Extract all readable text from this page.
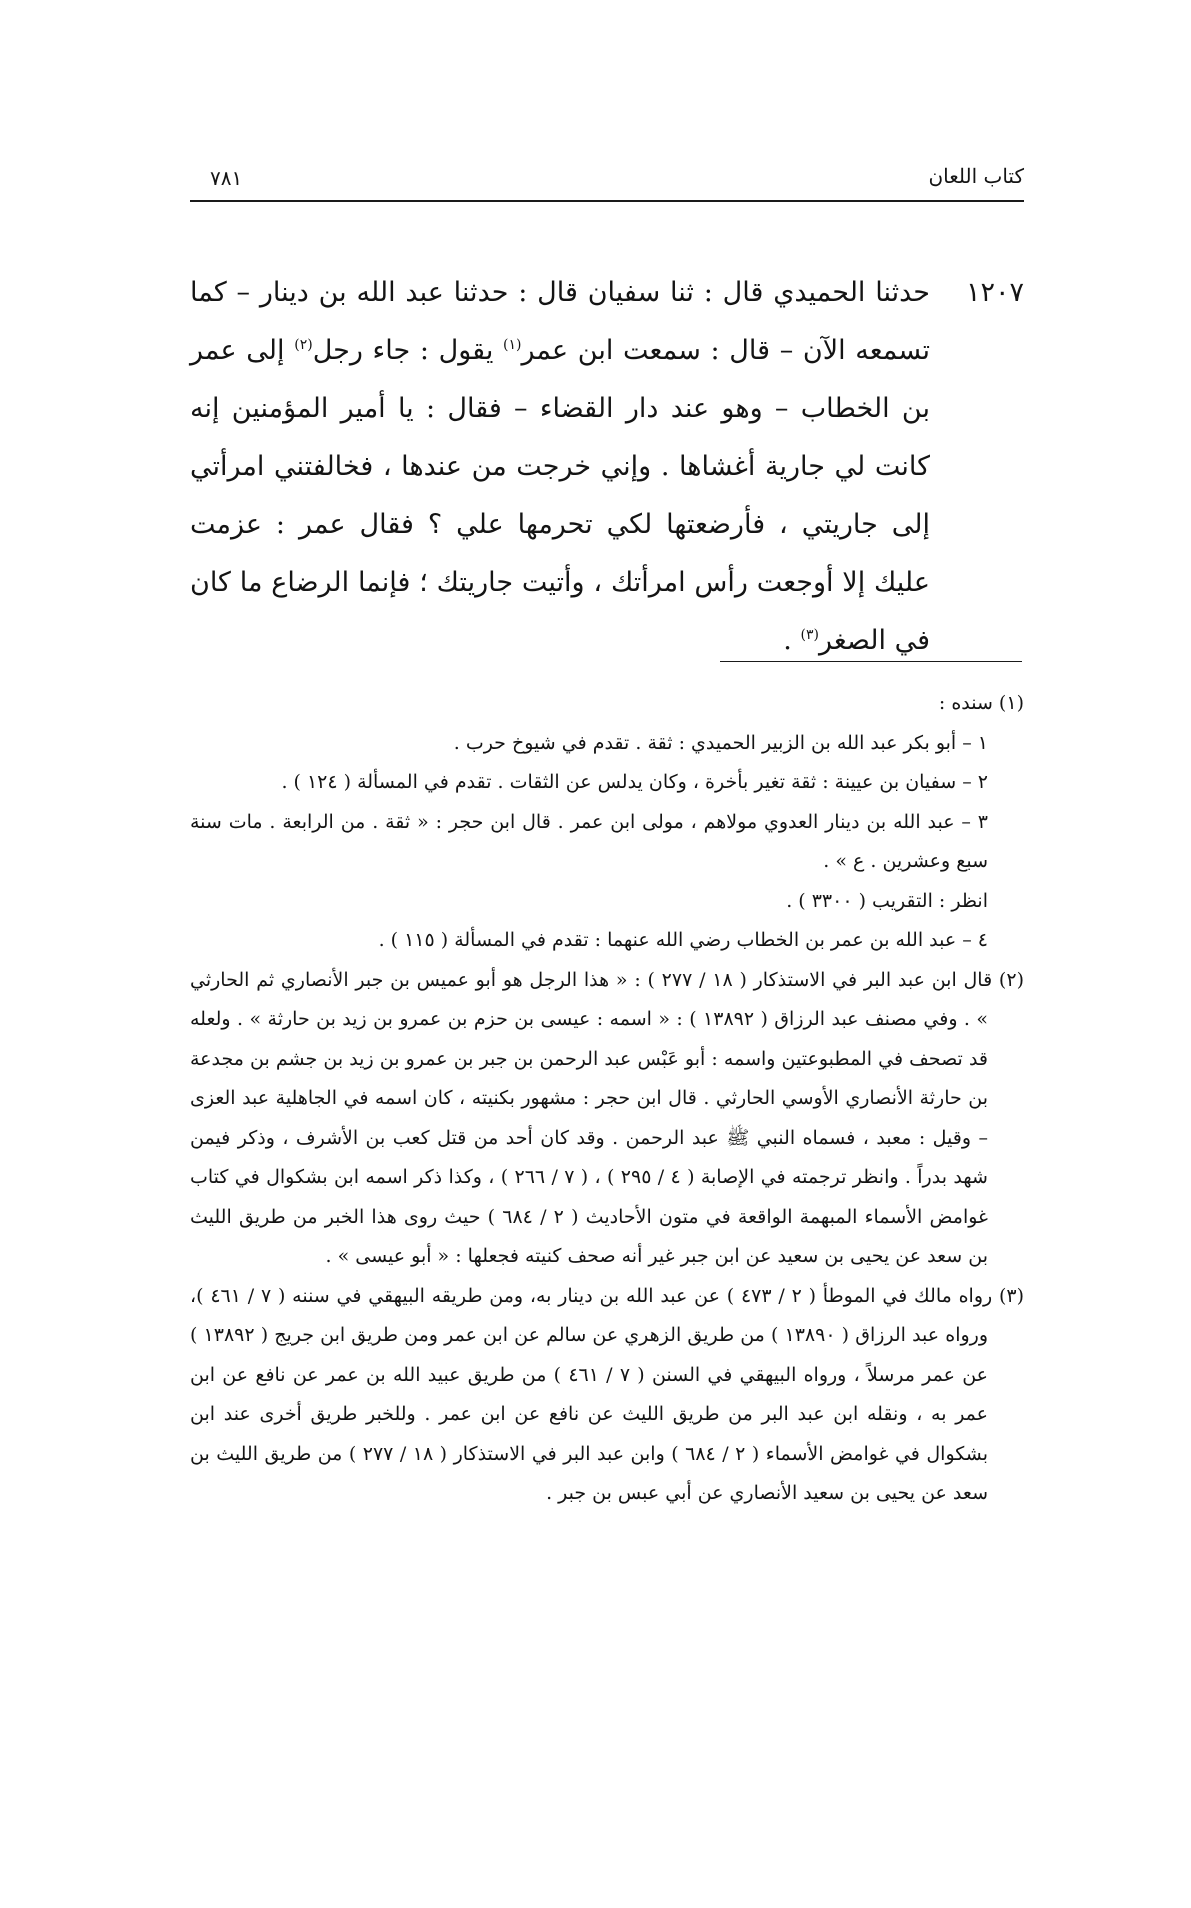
كتاب اللعان
٧٨١
١٢٠٧
حدثنا الحميدي قال : ثنا سفيان قال : حدثنا عبد الله بن دينار – كما تسمعه الآن – قال : سمعت ابن عمر$^{(١)}$ يقول : جاء رجل$^{(٢)}$ إلى عمر بن الخطاب – وهو عند دار القضاء – فقال : يا أمير المؤمنين إنه كانت لي جارية أغشاها . وإني خرجت من عندها ، فخالفتني امرأتي إلى جاريتي ، فأرضعتها لكي تحرمها علي ؟ فقال عمر : عزمت عليك إلا أوجعت رأس امرأتك ، وأتيت جاريتك ؛ فإنما الرضاع ما كان في الصغر$^{(٣)}$ .
(١) سنده :
١ – أبو بكر عبد الله بن الزبير الحميدي : ثقة . تقدم في شيوخ حرب .
٢ – سفيان بن عيينة : ثقة تغير بأخرة ، وكان يدلس عن الثقات . تقدم في المسألة ( ١٢٤ ) .
٣ – عبد الله بن دينار العدوي مولاهم ، مولى ابن عمر . قال ابن حجر : « ثقة . من الرابعة . مات سنة سبع وعشرين . ع » .
انظر : التقريب ( ٣٣٠٠ ) .
٤ – عبد الله بن عمر بن الخطاب رضي الله عنهما : تقدم في المسألة ( ١١٥ ) .
(٢) قال ابن عبد البر في الاستذكار ( ١٨ / ٢٧٧ ) : « هذا الرجل هو أبو عميس بن جبر الأنصاري ثم الحارثي » . وفي مصنف عبد الرزاق ( ١٣٨٩٢ ) : « اسمه : عيسى بن حزم بن عمرو بن زيد بن حارثة » . ولعله قد تصحف في المطبوعتين واسمه : أبو عَبْس عبد الرحمن بن جبر بن عمرو بن زيد بن جشم بن مجدعة بن حارثة الأنصاري الأوسي الحارثي . قال ابن حجر : مشهور بكنيته ، كان اسمه في الجاهلية عبد العزى – وقيل : معبد ، فسماه النبي ﷺ عبد الرحمن . وقد كان أحد من قتل كعب بن الأشرف ، وذكر فيمن شهد بدراً . وانظر ترجمته في الإصابة ( ٤ / ٢٩٥ ) ، ( ٧ / ٢٦٦ ) ، وكذا ذكر اسمه ابن بشكوال في كتاب غوامض الأسماء المبهمة الواقعة في متون الأحاديث ( ٢ / ٦٨٤ ) حيث روى هذا الخبر من طريق الليث بن سعد عن يحيى بن سعيد عن ابن جبر غير أنه صحف كنيته فجعلها : « أبو عيسى » .
(٣) رواه مالك في الموطأ ( ٢ / ٤٧٣ ) عن عبد الله بن دينار به، ومن طريقه البيهقي في سننه ( ٧ / ٤٦١ )، ورواه عبد الرزاق ( ١٣٨٩٠ ) من طريق الزهري عن سالم عن ابن عمر ومن طريق ابن جريج ( ١٣٨٩٢ ) عن عمر مرسلاً ، ورواه البيهقي في السنن ( ٧ / ٤٦١ ) من طريق عبيد الله بن عمر عن نافع عن ابن عمر به ، ونقله ابن عبد البر من طريق الليث عن نافع عن ابن عمر . وللخبر طريق أخرى عند ابن بشكوال في غوامض الأسماء ( ٢ / ٦٨٤ ) وابن عبد البر في الاستذكار ( ١٨ / ٢٧٧ ) من طريق الليث بن سعد عن يحيى بن سعيد الأنصاري عن أبي عبس بن جبر .
